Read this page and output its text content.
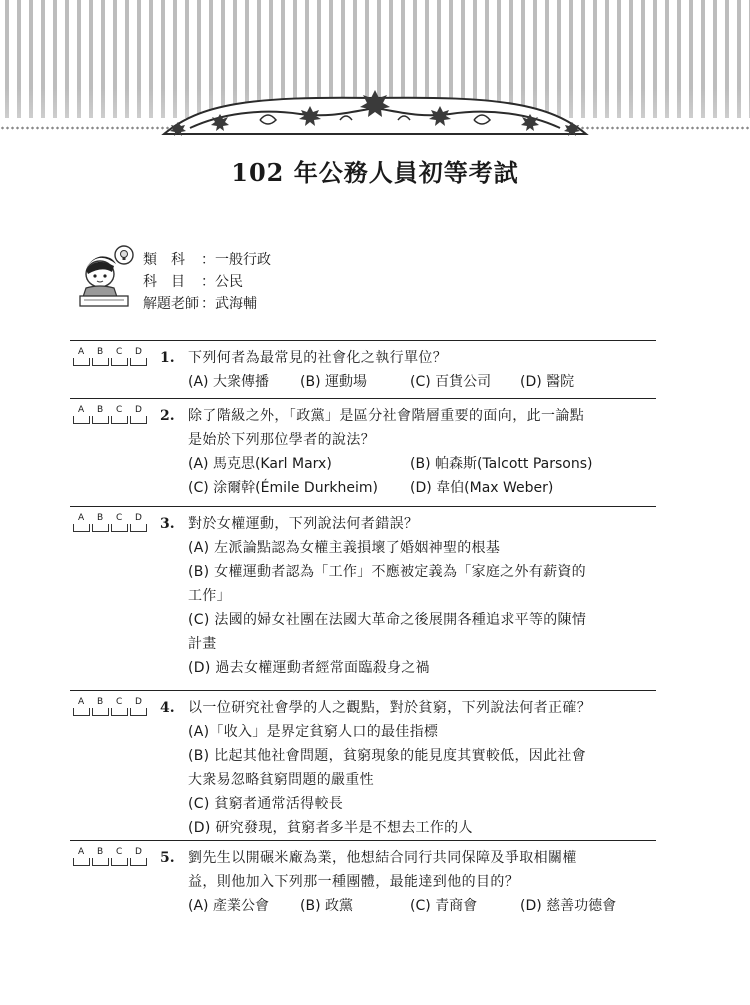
102 年公務人員初等考試
類　科	： 一般行政
科　目	： 公民
解題老師 ： 武海輔
A B C D 1. 下列何者為最常見的社會化之執行單位？
(A) 大衆傳播	(B) 運動場	(C) 百貨公司	(D) 醫院
A B C D 2. 除了階級之外，「政黨」是區分社會階層重要的面向，此一論點
是始於下列那位學者的說法？
(A) 馬克思(Karl Marx)	(B) 帕森斯(Talcott Parsons)
(C) 涂爾幹(Émile Durkheim)	(D) 韋伯(Max Weber)
A B C D 3. 對於女權運動，下列說法何者錯誤？
(A) 左派論點認為女權主義損壞了婚姻神聖的根基
(B) 女權運動者認為「工作」不應被定義為「家庭之外有薪資的
工作」
(C) 法國的婦女社團在法國大革命之後展開各種追求平等的陳情
計畫
(D) 過去女權運動者經常面臨殺身之禍
A B C D 4. 以一位研究社會學的人之觀點，對於貧窮，下列說法何者正確？
(A)「收入」是界定貧窮人口的最佳指標
(B) 比起其他社會問題，貧窮現象的能見度其實較低，因此社會
大衆易忽略貧窮問題的嚴重性
(C) 貧窮者通常活得較長
(D) 研究發現，貧窮者多半是不想去工作的人
A B C D 5. 劉先生以開碾米廠為業，他想結合同行共同保障及爭取相關權
益，則他加入下列那一種團體，最能達到他的目的？
(A) 產業公會	(B) 政黨	(C) 青商會	(D) 慈善功德會
